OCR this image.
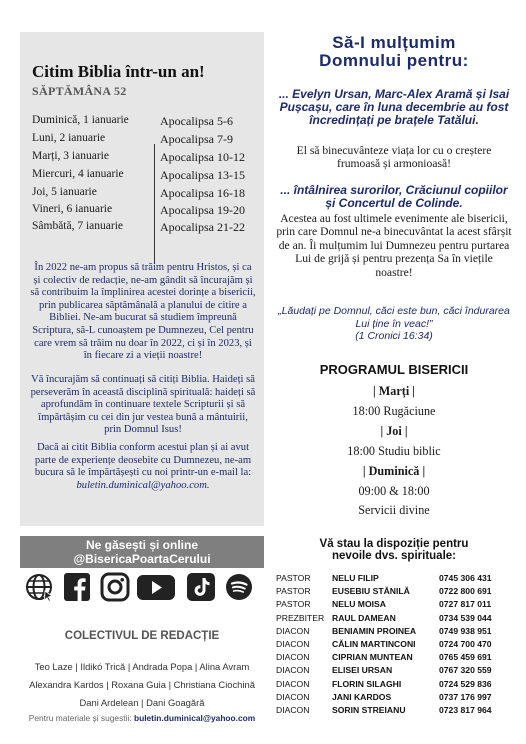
Citim Biblia într-un an!
SĂPTĂMÂNA 52
Duminică, 1 ianuarie	Apocalipsa 5-6
Luni, 2 ianuarie	Apocalipsa 7-9
Marți, 3 ianuarie	Apocalipsa 10-12
Miercuri, 4 ianuarie	Apocalipsa 13-15
Joi, 5 ianuarie	Apocalipsa 16-18
Vineri, 6 ianuarie	Apocalipsa 19-20
Sâmbătă, 7 ianuarie	Apocalipsa 21-22
În 2022 ne-am propus să trăim pentru Hristos, și ca și colectiv de redacție, ne-am gândit să încurajăm și să contribuim la împlinirea acestei dorințe a bisericii, prin publicarea săptămânală a planului de citire a Bibliei. Ne-am bucurat să studiem împreună Scriptura, să-L cunoaștem pe Dumnezeu, Cel pentru care vrem să trăim nu doar în 2022, ci și în 2023, și în fiecare zi a vieții noastre!
Vă încurajăm să continuați să citiți Biblia. Haideți să perseverăm în această disciplină spirituală: haideți să aprofundăm în continuare textele Scripturii și să împărtășim cu cei din jur vestea bună a mântuirii, prin Domnul Isus!
Dacă ai citit Biblia conform acestui plan și ai avut parte de experiențe deosebite cu Dumnezeu, ne-am bucura să le împărtășești cu noi printr-un e-mail la: buletin.duminical@yahoo.com.
Ne găsești și online
@BisericaPoartaCerului
COLECTIVUL DE REDACȚIE
Teo Laze | Ildikó Trică | Andrada Popa | Alina Avram
Alexandra Kardos | Roxana Guia | Christiana Ciochină
Dani Ardelean | Dani Goagără
Pentru materiale și sugestii: buletin.duminical@yahoo.com
Să-I mulțumim
Domnului pentru:
... Evelyn Ursan, Marc-Alex Aramă și Isai Pușcașu, care în luna decembrie au fost încredințați pe brațele Tatălui.
El să binecuvânteze viața lor cu o creștere frumoasă și armonioasă!
... întâlnirea surorilor, Crăciunul copiilor și Concertul de Colinde.
Acestea au fost ultimele evenimente ale bisericii, prin care Domnul ne-a binecuvântat la acest sfârșit de an. Îi mulțumim lui Dumnezeu pentru purtarea Lui de grijă și pentru prezența Sa în viețile noastre!
„Lăudați pe Domnul, căci este bun, căci îndurarea Lui ține în veac!”
(1 Cronici 16:34)
PROGRAMUL BISERICII
| Marți |
18:00 Rugăciune
| Joi |
18:00 Studiu biblic
| Duminică |
09:00 & 18:00
Servicii divine
Vă stau la dispoziție pentru
nevoile dvs. spirituale:
PASTOR NELU FILIP	0745 306 431
PASTOR EUSEBIU STĂNILĂ	0722 800 691
PASTOR NELU MOISA	0727 817 011
PREZBITER RAUL DAMEAN	0734 539 044
DIACON	BENIAMIN PROINEA	0749 938 951
DIACON	CĂLIN MARTINCONI	0724 700 470
DIACON	CIPRIAN MUNTEAN	0765 459 691
DIACON	ELISEI URSAN	0767 320 559
DIACON	FLORIN SILAGHI	0724 529 836
DIACON	JANI KARDOS	0737 176 997
DIACON	SORIN STREIANU	0723 817 964
